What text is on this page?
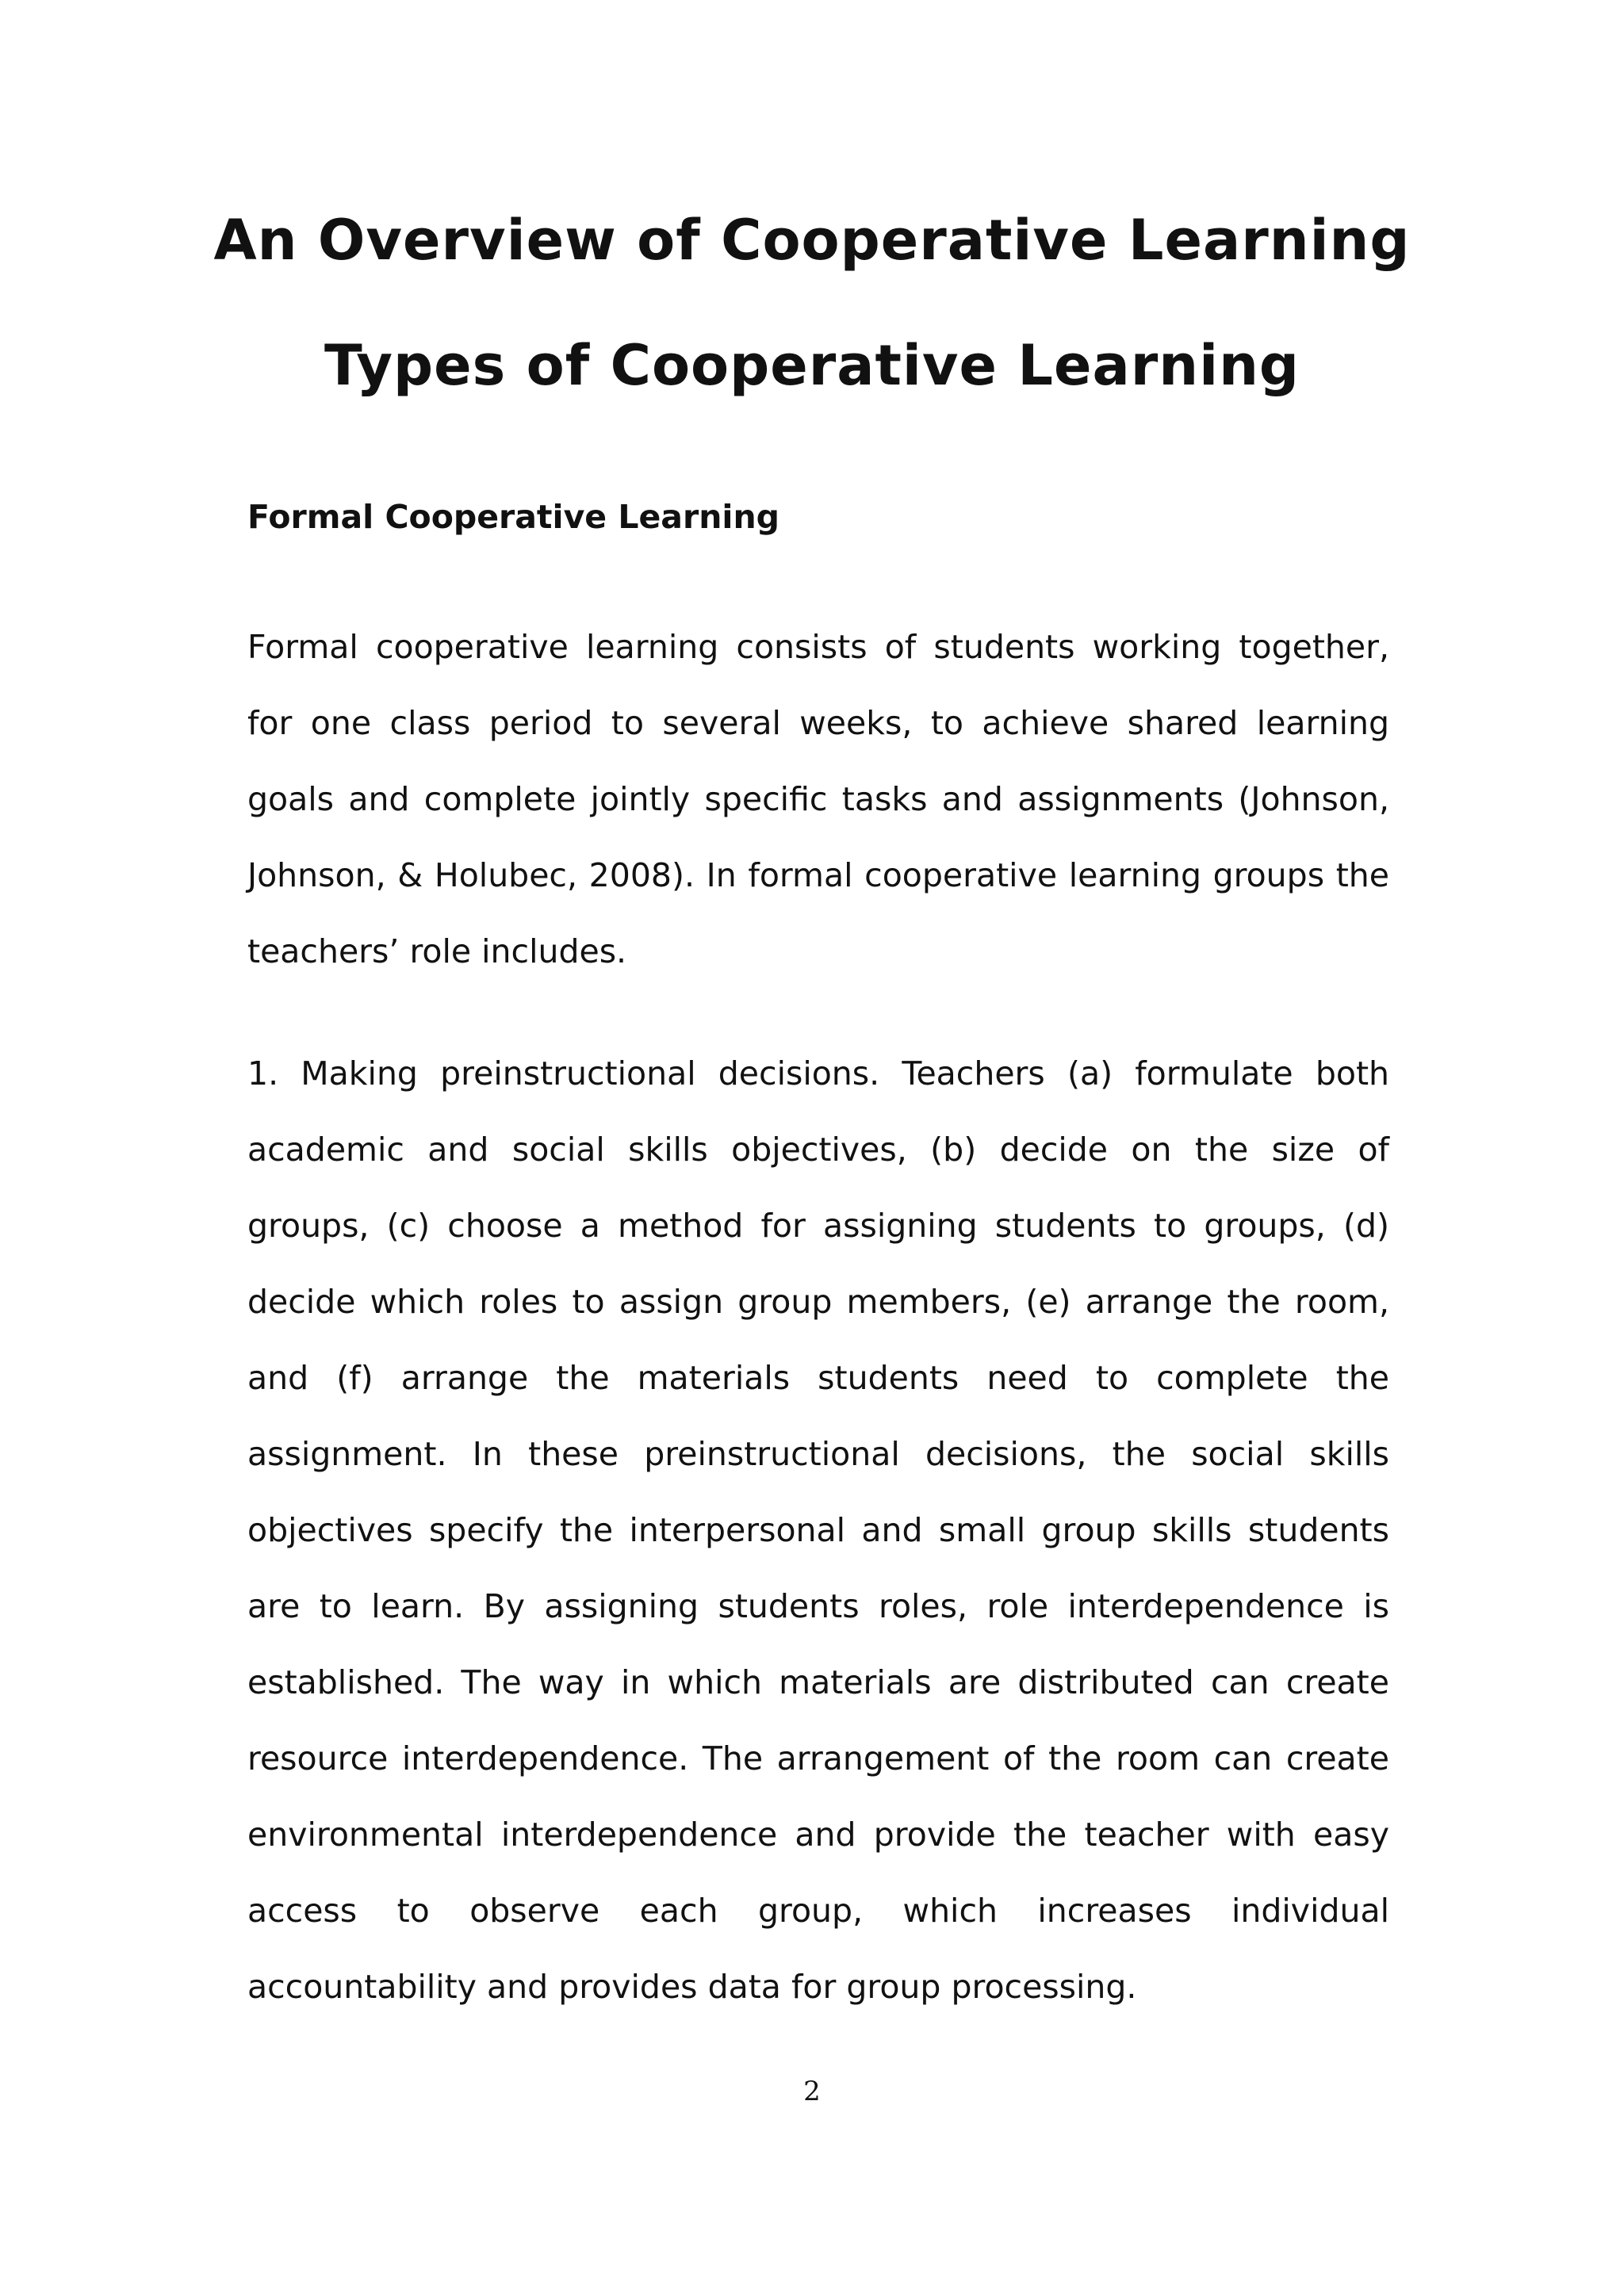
An Overview of Cooperative Learning
Types of Cooperative Learning
Formal Cooperative Learning

Formal cooperative learning consists of students working together, for one class period to several weeks, to achieve shared learning goals and complete jointly specific tasks and assignments (Johnson, Johnson, & Holubec, 2008). In formal cooperative learning groups the teachers’ role includes.

1. Making preinstructional decisions. Teachers (a) formulate both academic and social skills objectives, (b) decide on the size of groups, (c) choose a method for assigning students to groups, (d) decide which roles to assign group members, (e) arrange the room, and (f) arrange the materials students need to complete the assignment. In these preinstructional decisions, the social skills objectives specify the interpersonal and small group skills students are to learn. By assigning students roles, role interdependence is established. The way in which materials are distributed can create resource interdependence. The arrangement of the room can create environmental interdependence and provide the teacher with easy access to observe each group, which increases individual accountability and provides data for group processing.

2
